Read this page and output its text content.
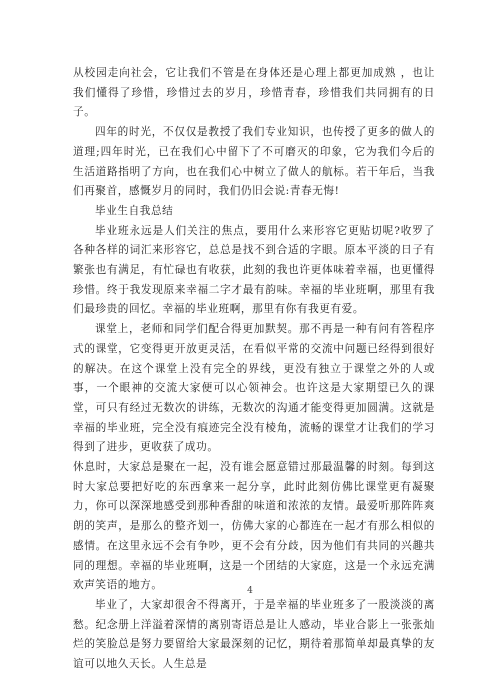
从校园走向社会，它让我们不管是在身体还是心理上都更加成熟 ，也让我们懂得了珍惜，珍惜过去的岁月，珍惜青春，珍惜我们共同拥有的日子。

四年的时光，不仅仅是教授了我们专业知识，也传授了更多的做人的道理;四年时光，已在我们心中留下了不可磨灭的印象，它为我们今后的生活道路指明了方向，也在我们心中树立了做人的航标。若干年后，当我们再聚首，感慨岁月的同时，我们仍旧会说:青春无悔!

毕业生自我总结

毕业班永远是人们关注的焦点，要用什么来形容它更贴切呢?收罗了各种各样的词汇来形容它，总总是找不到合适的字眼。原本平淡的日子有繁张也有满足，有忙碌也有收获，此刻的我也许更体味着幸福，也更懂得珍惜。终于我发现原来幸福二字才最有韵味。幸福的毕业班啊，那里有我们最珍贵的回忆。幸福的毕业班啊，那里有你有我更有爱。

课堂上，老师和同学们配合得更加默契。那不再是一种有问有答程序式的课堂，它变得更开放更灵活，在看似平常的交流中问题已经得到很好的解决。在这个课堂上没有完全的界线，更没有独立于课堂之外的人或事，一个眼神的交流大家便可以心领神会。也许这是大家期望已久的课堂，可只有经过无数次的讲练，无数次的沟通才能变得更加圆满。这就是幸福的毕业班，完全没有痕迹完全没有棱角，流畅的课堂才让我们的学习得到了进步，更收获了成功。

休息时，大家总是聚在一起，没有谁会愿意错过那最温馨的时刻。每到这时大家总要把好吃的东西拿来一起分享，此时此刻仿佛比课堂更有凝聚力，你可以深深地感受到那种香甜的味道和浓浓的友情。最爱听那阵阵爽朗的笑声，是那么的整齐划一，仿佛大家的心都连在一起才有那么相似的感情。在这里永远不会有争吵，更不会有分歧，因为他们有共同的兴趣共同的理想。幸福的毕业班啊，这是一个团结的大家庭，这是一个永远充满欢声笑语的地方。

毕业了，大家却很舍不得离开，于是幸福的毕业班多了一股淡淡的离愁。纪念册上洋溢着深情的离别寄语总是让人感动，毕业合影上一张张灿烂的笑脸总是努力要留给大家最深刻的记忆，期待着那简单却最真挚的友谊可以地久天长。人生总是

4
